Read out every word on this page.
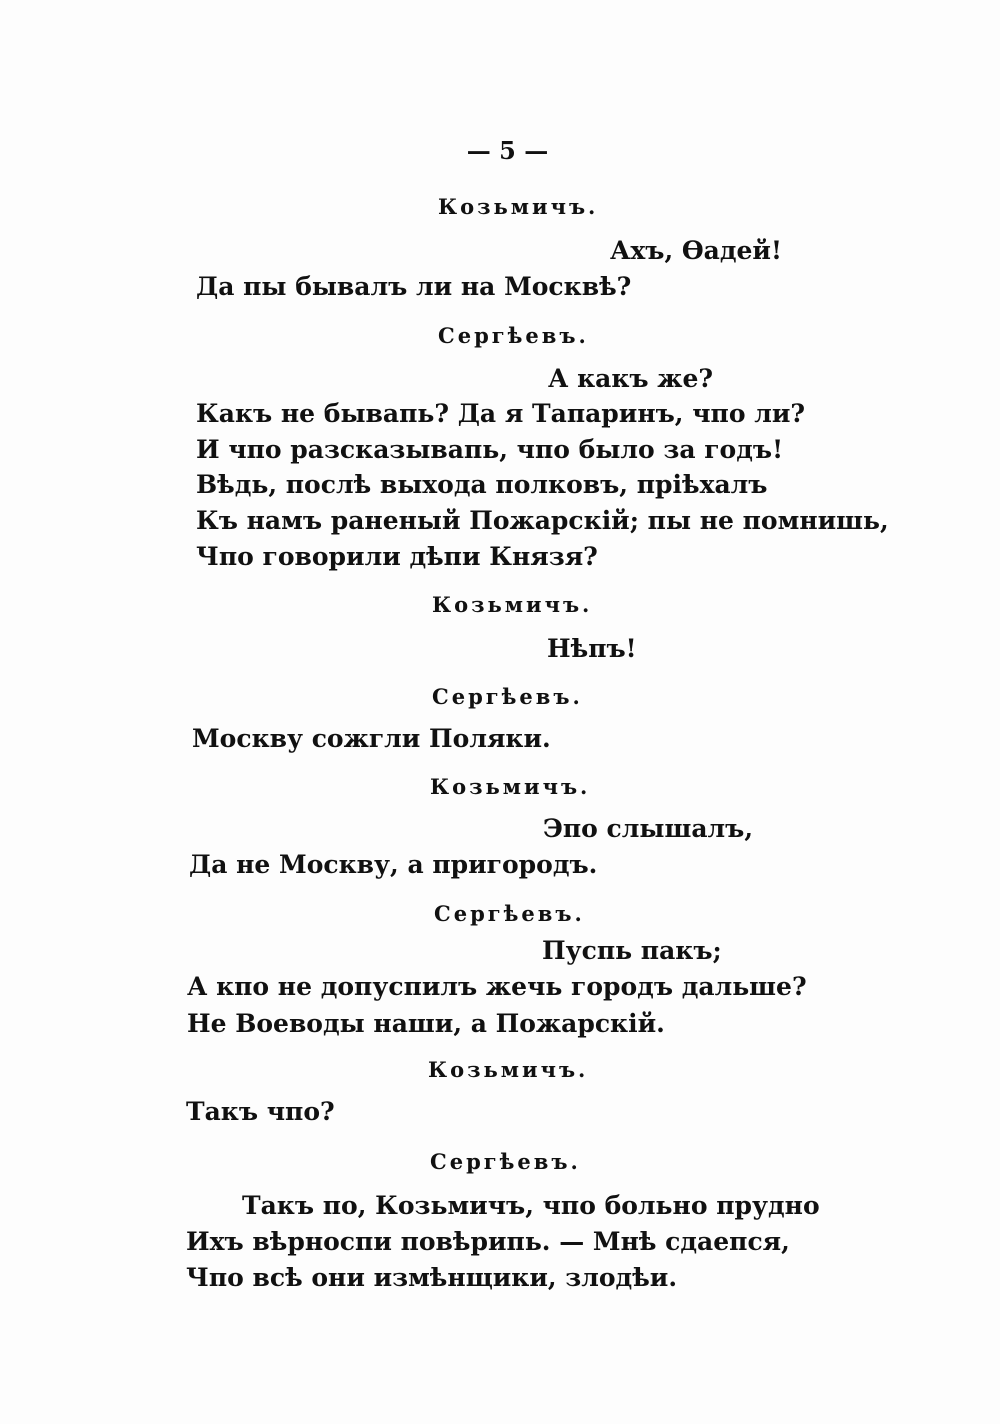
— 5 —
Козьмичъ.
Ахъ, Ѳадей!
Да пы бывалъ ли на Москвѣ?
Сергѣевъ.
А какъ же?
Какъ не бывапь? Да я Тапаринъ, чпо ли?
И чпо разсказывапь, чпо было за годъ!
Вѣдь, послѣ выхода полковъ, пріѣхалъ
Къ намъ раненый Пожарскій; пы не помнишь,
Чпо говорили дѣпи Князя?
Козьмичъ.
Нѣпъ!
Сергѣевъ.
Москву сожгли Поляки.
Козьмичъ.
Эпо слышалъ,
Да не Москву, а пригородъ.
Сергѣевъ.
Пуспь пакъ;
А кпо не допуспилъ жечь городъ дальше?
Не Воеводы наши, а Пожарскій.
Козьмичъ.
Такъ чпо?
Сергѣевъ.
Такъ по, Козьмичъ, чпо больно прудно
Ихъ вѣрноспи повѣрипь. — Мнѣ сдаепся,
Чпо всѣ они измѣнщики, злодѣи.
